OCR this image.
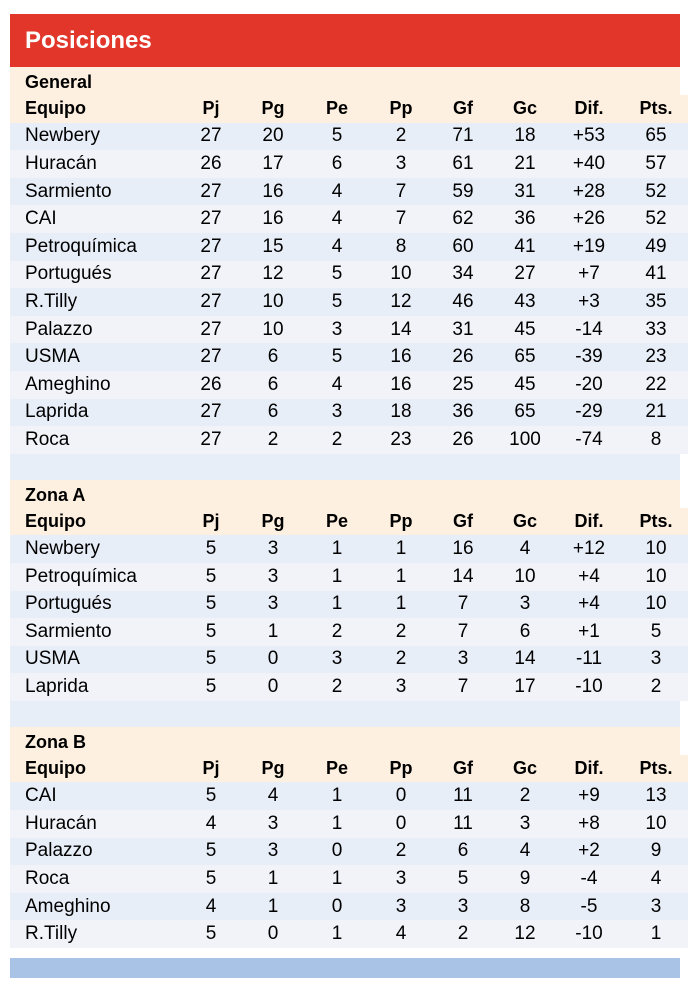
Posiciones
General
Equipo	Pj	Pg	Pe	Pp	Gf	Gc	Dif.	Pts.
Newbery	27	20	5	2	71	18	+53	65
Huracán	26	17	6	3	61	21	+40	57
Sarmiento	27	16	4	7	59	31	+28	52
CAI	27	16	4	7	62	36	+26	52
Petroquímica	27	15	4	8	60	41	+19	49
Portugués	27	12	5	10	34	27	+7	41
R.Tilly	27	10	5	12	46	43	+3	35
Palazzo	27	10	3	14	31	45	-14	33
USMA	27	6	5	16	26	65	-39	23
Ameghino	26	6	4	16	25	45	-20	22
Laprida	27	6	3	18	36	65	-29	21
Roca	27	2	2	23	26	100	-74	8
Zona A
Equipo	Pj	Pg	Pe	Pp	Gf	Gc	Dif.	Pts.
Newbery	5	3	1	1	16	4	+12	10
Petroquímica	5	3	1	1	14	10	+4	10
Portugués	5	3	1	1	7	3	+4	10
Sarmiento	5	1	2	2	7	6	+1	5
USMA	5	0	3	2	3	14	-11	3
Laprida	5	0	2	3	7	17	-10	2
Zona B
Equipo	Pj	Pg	Pe	Pp	Gf	Gc	Dif.	Pts.
CAI	5	4	1	0	11	2	+9	13
Huracán	4	3	1	0	11	3	+8	10
Palazzo	5	3	0	2	6	4	+2	9
Roca	5	1	1	3	5	9	-4	4
Ameghino	4	1	0	3	3	8	-5	3
R.Tilly	5	0	1	4	2	12	-10	1
